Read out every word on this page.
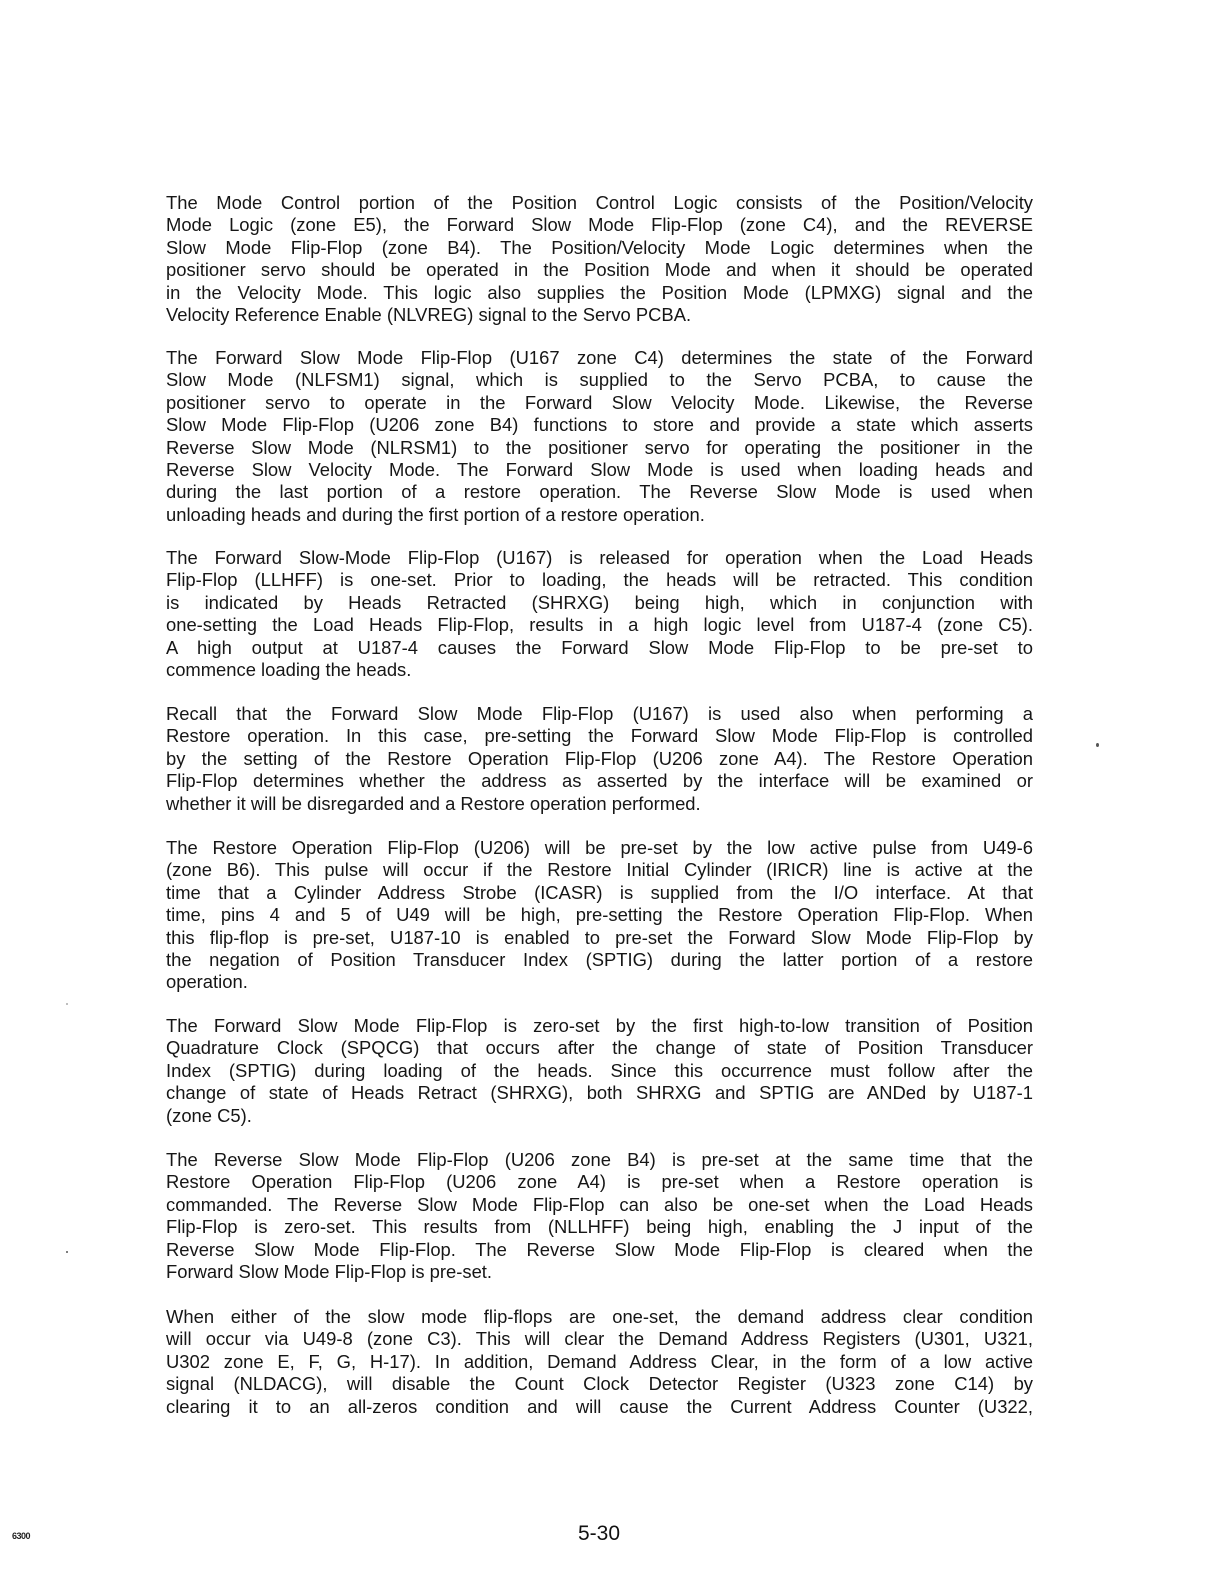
The Mode Control portion of the Position Control Logic consists of the Position/Velocity
Mode Logic (zone E5), the Forward Slow Mode Flip-Flop (zone C4), and the REVERSE
Slow Mode Flip-Flop (zone B4). The Position/Velocity Mode Logic determines when the
positioner servo should be operated in the Position Mode and when it should be operated
in the Velocity Mode. This logic also supplies the Position Mode (LPMXG) signal and the
Velocity Reference Enable (NLVREG) signal to the Servo PCBA.
The Forward Slow Mode Flip-Flop (U167 zone C4) determines the state of the Forward
Slow Mode (NLFSM1) signal, which is supplied to the Servo PCBA, to cause the
positioner servo to operate in the Forward Slow Velocity Mode. Likewise, the Reverse
Slow Mode Flip-Flop (U206 zone B4) functions to store and provide a state which asserts
Reverse Slow Mode (NLRSM1) to the positioner servo for operating the positioner in the
Reverse Slow Velocity Mode. The Forward Slow Mode is used when loading heads and
during the last portion of a restore operation. The Reverse Slow Mode is used when
unloading heads and during the first portion of a restore operation.
The Forward Slow-Mode Flip-Flop (U167) is released for operation when the Load Heads
Flip-Flop (LLHFF) is one-set. Prior to loading, the heads will be retracted. This condition
is indicated by Heads Retracted (SHRXG) being high, which in conjunction with
one-setting the Load Heads Flip-Flop, results in a high logic level from U187-4 (zone C5).
A high output at U187-4 causes the Forward Slow Mode Flip-Flop to be pre-set to
commence loading the heads.
Recall that the Forward Slow Mode Flip-Flop (U167) is used also when performing a
Restore operation. In this case, pre-setting the Forward Slow Mode Flip-Flop is controlled
by the setting of the Restore Operation Flip-Flop (U206 zone A4). The Restore Operation
Flip-Flop determines whether the address as asserted by the interface will be examined or
whether it will be disregarded and a Restore operation performed.
The Restore Operation Flip-Flop (U206) will be pre-set by the low active pulse from U49-6
(zone B6). This pulse will occur if the Restore Initial Cylinder (IRICR) line is active at the
time that a Cylinder Address Strobe (ICASR) is supplied from the I/O interface. At that
time, pins 4 and 5 of U49 will be high, pre-setting the Restore Operation Flip-Flop. When
this flip-flop is pre-set, U187-10 is enabled to pre-set the Forward Slow Mode Flip-Flop by
the negation of Position Transducer Index (SPTIG) during the latter portion of a restore
operation.
The Forward Slow Mode Flip-Flop is zero-set by the first high-to-low transition of Position
Quadrature Clock (SPQCG) that occurs after the change of state of Position Transducer
Index (SPTIG) during loading of the heads. Since this occurrence must follow after the
change of state of Heads Retract (SHRXG), both SHRXG and SPTIG are ANDed by U187-1
(zone C5).
The Reverse Slow Mode Flip-Flop (U206 zone B4) is pre-set at the same time that the
Restore Operation Flip-Flop (U206 zone A4) is pre-set when a Restore operation is
commanded. The Reverse Slow Mode Flip-Flop can also be one-set when the Load Heads
Flip-Flop is zero-set. This results from (NLLHFF) being high, enabling the J input of the
Reverse Slow Mode Flip-Flop. The Reverse Slow Mode Flip-Flop is cleared when the
Forward Slow Mode Flip-Flop is pre-set.
When either of the slow mode flip-flops are one-set, the demand address clear condition
will occur via U49-8 (zone C3). This will clear the Demand Address Registers (U301, U321,
U302 zone E, F, G, H-17). In addition, Demand Address Clear, in the form of a low active
signal (NLDACG), will disable the Count Clock Detector Register (U323 zone C14) by
clearing it to an all-zeros condition and will cause the Current Address Counter (U322,
6300	5-30
